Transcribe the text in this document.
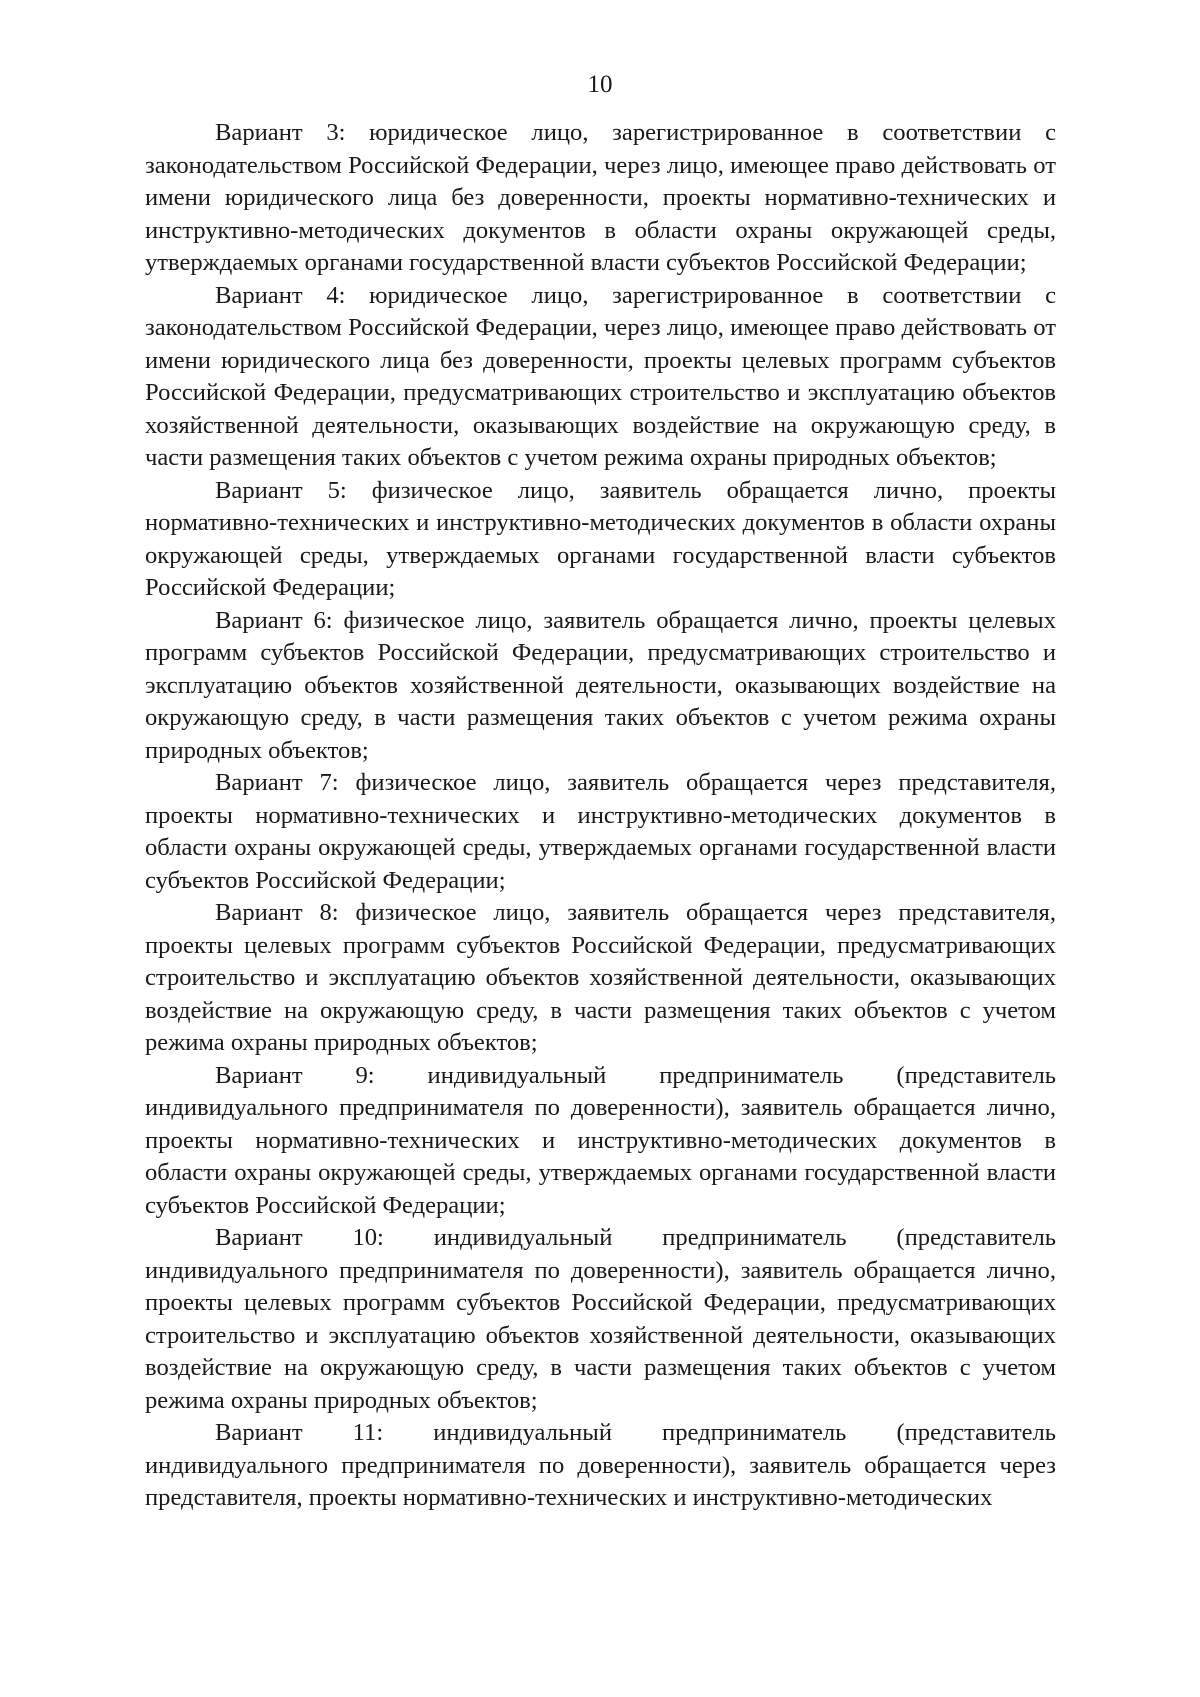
10

Вариант 3: юридическое лицо, зарегистрированное в соответствии с законодательством Российской Федерации, через лицо, имеющее право действовать от имени юридического лица без доверенности, проекты нормативно-технических и инструктивно-методических документов в области охраны окружающей среды, утверждаемых органами государственной власти субъектов Российской Федерации;

Вариант 4: юридическое лицо, зарегистрированное в соответствии с законодательством Российской Федерации, через лицо, имеющее право действовать от имени юридического лица без доверенности, проекты целевых программ субъектов Российской Федерации, предусматривающих строительство и эксплуатацию объектов хозяйственной деятельности, оказывающих воздействие на окружающую среду, в части размещения таких объектов с учетом режима охраны природных объектов;

Вариант 5: физическое лицо, заявитель обращается лично, проекты нормативно-технических и инструктивно-методических документов в области охраны окружающей среды, утверждаемых органами государственной власти субъектов Российской Федерации;

Вариант 6: физическое лицо, заявитель обращается лично, проекты целевых программ субъектов Российской Федерации, предусматривающих строительство и эксплуатацию объектов хозяйственной деятельности, оказывающих воздействие на окружающую среду, в части размещения таких объектов с учетом режима охраны природных объектов;

Вариант 7: физическое лицо, заявитель обращается через представителя, проекты нормативно-технических и инструктивно-методических документов в области охраны окружающей среды, утверждаемых органами государственной власти субъектов Российской Федерации;

Вариант 8: физическое лицо, заявитель обращается через представителя, проекты целевых программ субъектов Российской Федерации, предусматривающих строительство и эксплуатацию объектов хозяйственной деятельности, оказывающих воздействие на окружающую среду, в части размещения таких объектов с учетом режима охраны природных объектов;

Вариант 9: индивидуальный предприниматель (представитель индивидуального предпринимателя по доверенности), заявитель обращается лично, проекты нормативно-технических и инструктивно-методических документов в области охраны окружающей среды, утверждаемых органами государственной власти субъектов Российской Федерации;

Вариант 10: индивидуальный предприниматель (представитель индивидуального предпринимателя по доверенности), заявитель обращается лично, проекты целевых программ субъектов Российской Федерации, предусматривающих строительство и эксплуатацию объектов хозяйственной деятельности, оказывающих воздействие на окружающую среду, в части размещения таких объектов с учетом режима охраны природных объектов;

Вариант 11: индивидуальный предприниматель (представитель индивидуального предпринимателя по доверенности), заявитель обращается через представителя, проекты нормативно-технических и инструктивно-методических
